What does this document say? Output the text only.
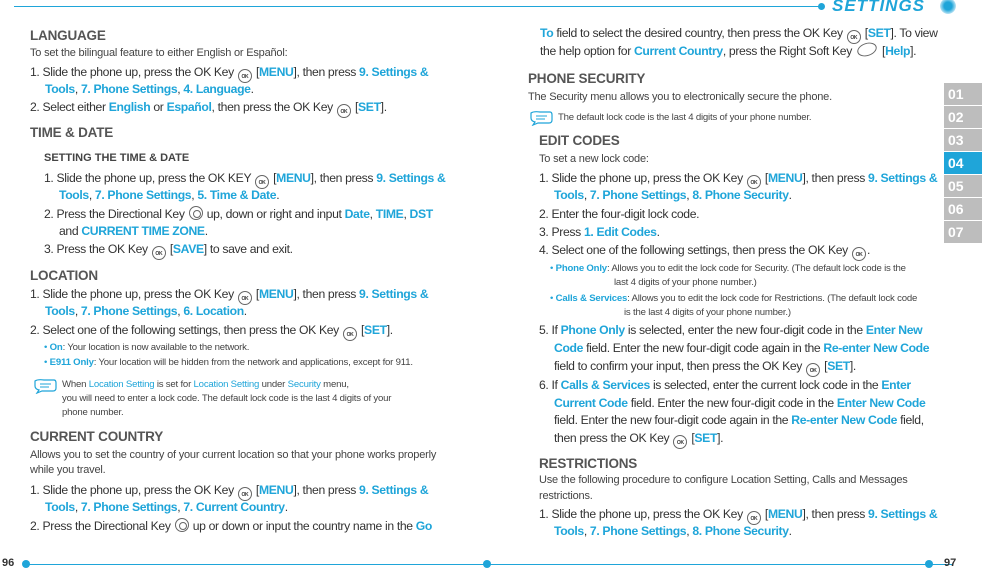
SETTINGS
01
02
03
04
05
06
07
LANGUAGE
To set the bilingual feature to either English or Español:
1. Slide the phone up, press the OK Key OK [MENU], then press 9. Settings &
Tools, 7. Phone Settings, 4. Language.
2. Select either English or Español, then press the OK Key OK [SET].
TIME & DATE
SETTING THE TIME & DATE
1. Slide the phone up, press the OK KEY OK [MENU], then press 9. Settings &
Tools, 7. Phone Settings, 5. Time & Date.
2. Press the Directional Key up, down or right and input Date, TIME, DST
and CURRENT TIME ZONE.
3. Press the OK Key OK [SAVE] to save and exit.
LOCATION
1. Slide the phone up, press the OK Key OK [MENU], then press 9. Settings &
Tools, 7. Phone Settings, 6. Location.
2. Select one of the following settings, then press the OK Key OK [SET].
• On: Your location is now available to the network.
• E911 Only: Your location will be hidden from the network and applications, except for 911.
When Location Setting is set for Location Setting under Security menu,
you will need to enter a lock code. The default lock code is the last 4 digits of your
phone number.
CURRENT COUNTRY
Allows you to set the country of your current location so that your phone works properly
while you travel.
1. Slide the phone up, press the OK Key OK [MENU], then press 9. Settings &
Tools, 7. Phone Settings, 7. Current Country.
2. Press the Directional Key up or down or input the country name in the Go
To field to select the desired country, then press the OK Key OK [SET]. To view
the help option for Current Country, press the Right Soft Key  [Help].
PHONE SECURITY
The Security menu allows you to electronically secure the phone.
The default lock code is the last 4 digits of your phone number.
EDIT CODES
To set a new lock code:
1. Slide the phone up, press the OK Key OK [MENU], then press 9. Settings &
Tools, 7. Phone Settings, 8. Phone Security.
2. Enter the four-digit lock code.
3. Press 1. Edit Codes.
4. Select one of the following settings, then press the OK Key OK .
• Phone Only: Allows you to edit the lock code for Security. (The default lock code is the
last 4 digits of your phone number.)
• Calls & Services: Allows you to edit the lock code for Restrictions. (The default lock code
is the last 4 digits of your phone number.)
5. If Phone Only is selected, enter the new four-digit code in the Enter New
Code field. Enter the new four-digit code again in the Re-enter New Code
field to confirm your input, then press the OK Key OK [SET].
6. If Calls & Services is selected, enter the current lock code in the Enter
Current Code field. Enter the new four-digit code in the Enter New Code
field. Enter the new four-digit code again in the Re-enter New Code field,
then press the OK Key OK [SET].
RESTRICTIONS
Use the following procedure to configure Location Setting, Calls and Messages
restrictions.
1. Slide the phone up, press the OK Key OK [MENU], then press 9. Settings &
Tools, 7. Phone Settings, 8. Phone Security.
96	97
